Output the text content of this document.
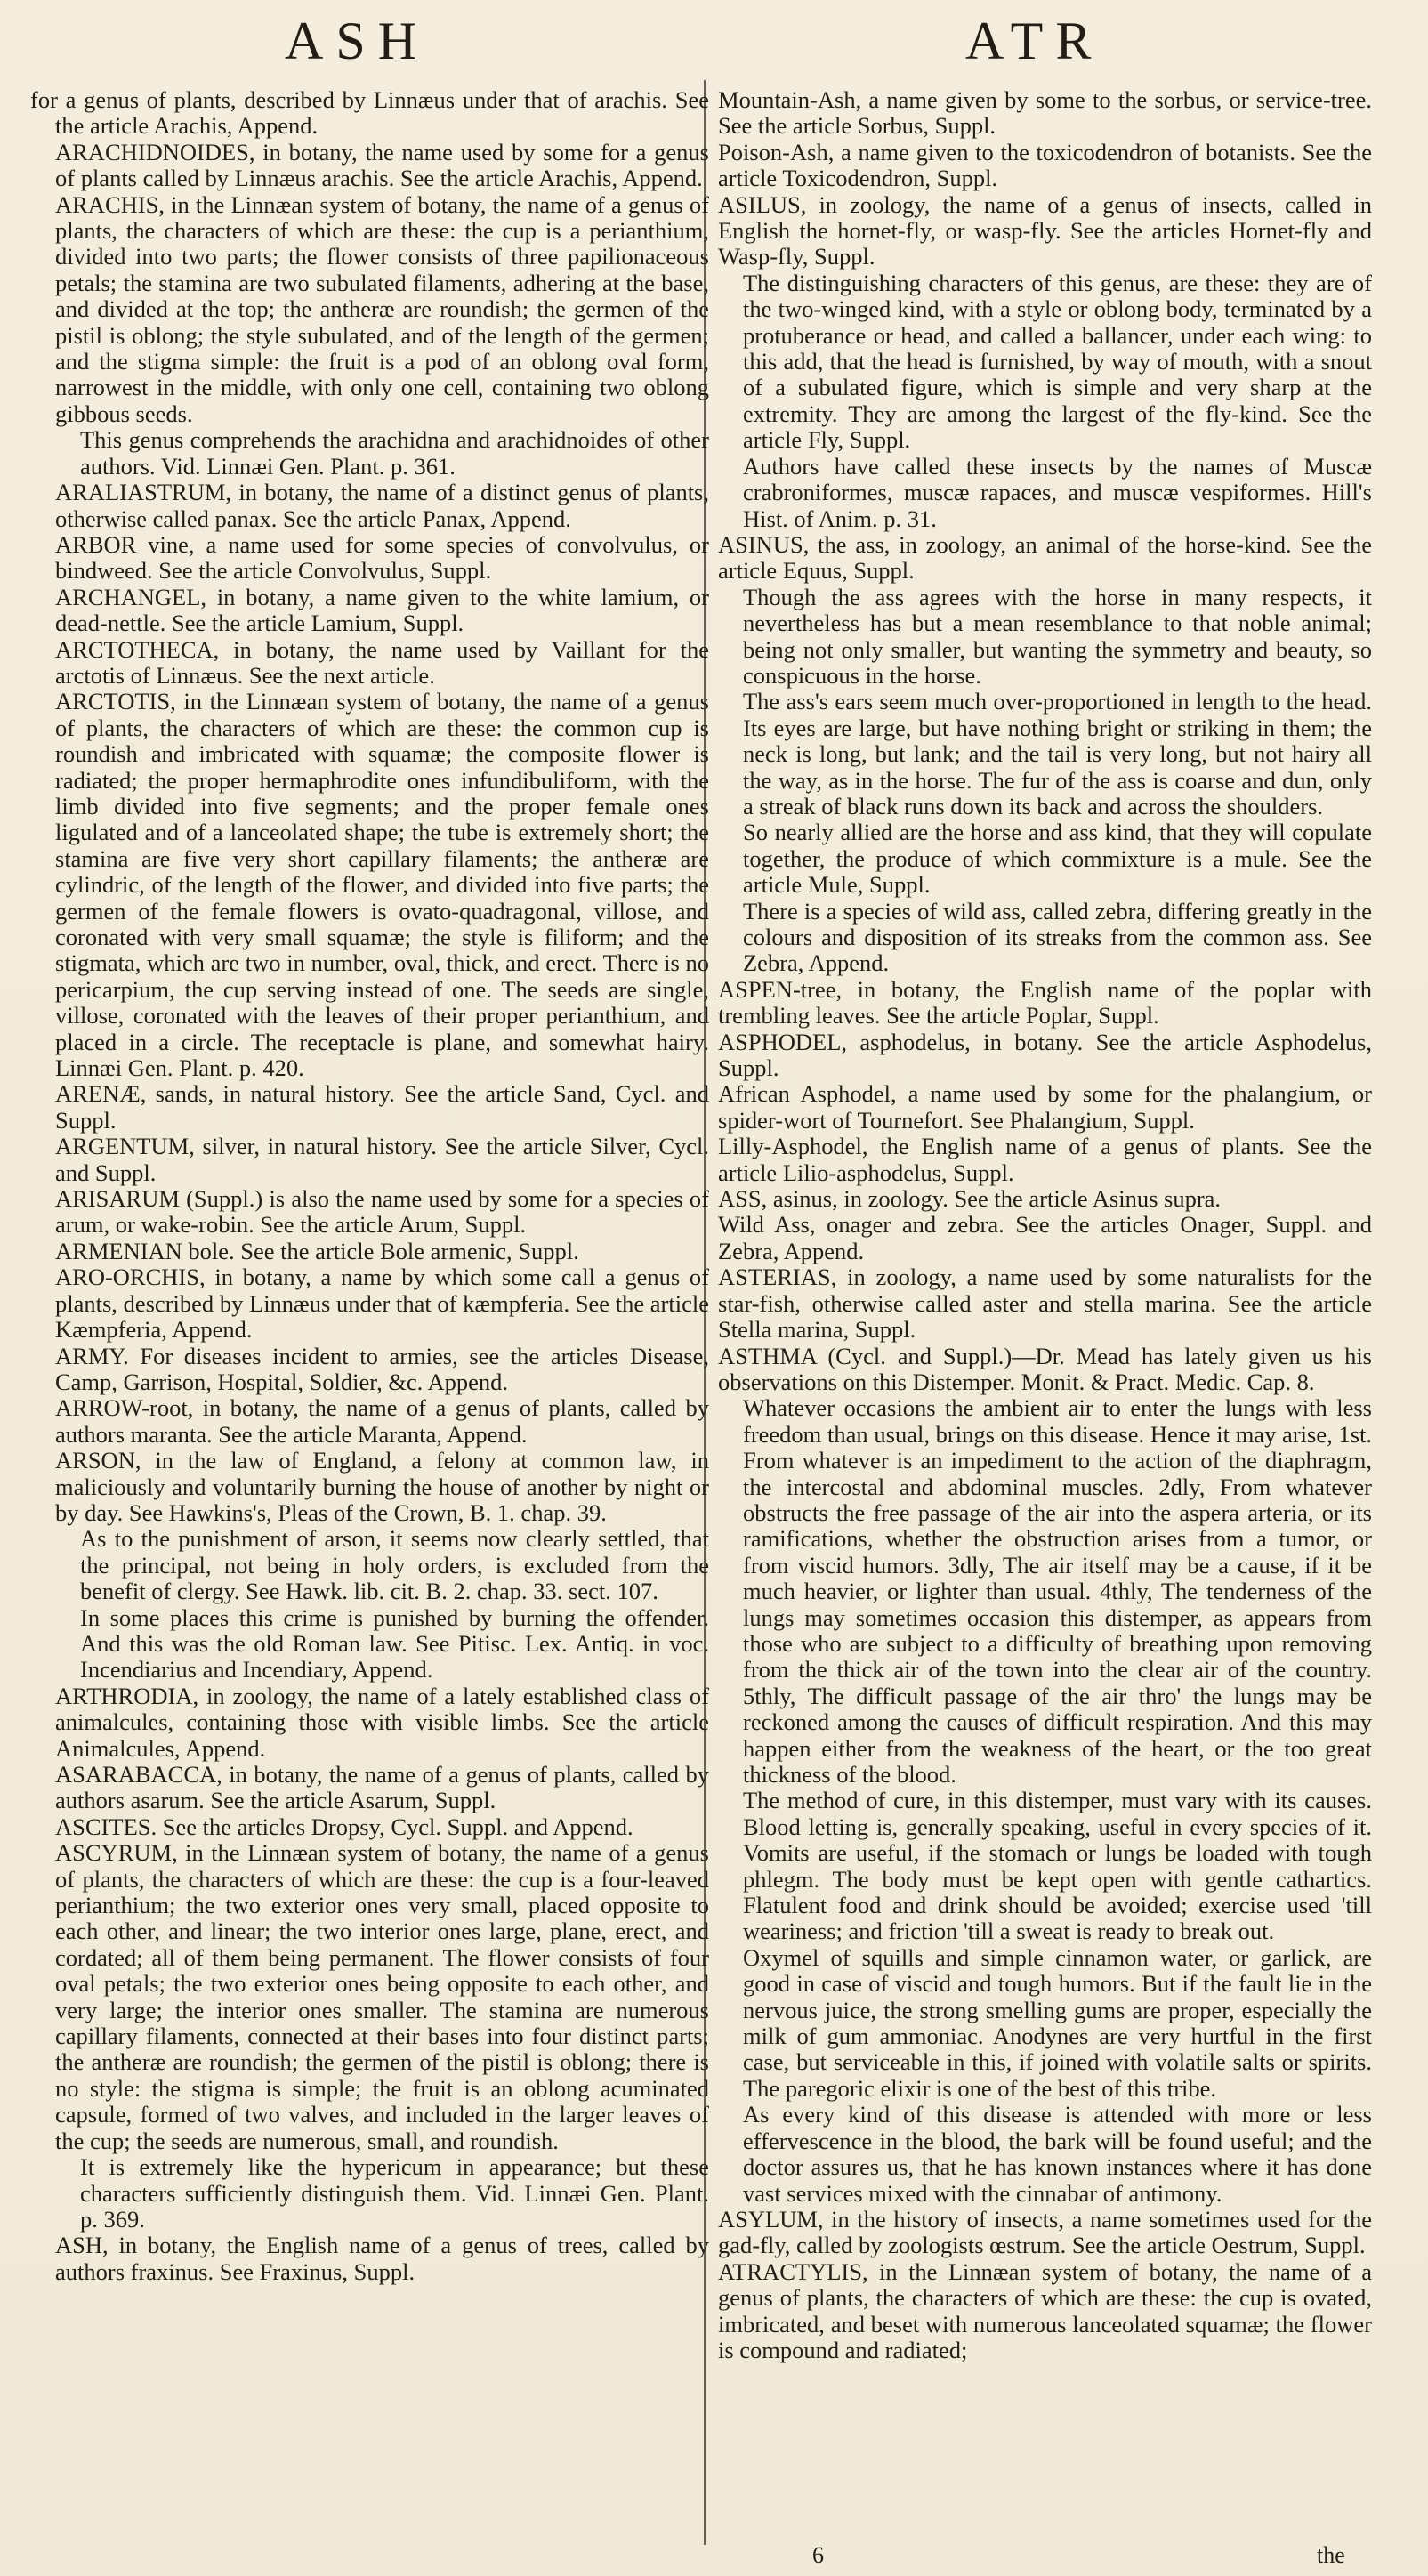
ASH	ATR

for a genus of plants, described by Linnæus under that of arachis. See the article Arachis, Append.

ARACHIDNOIDES, in botany, the name used by some for a genus of plants called by Linnæus arachis. See the article Arachis, Append.

ARACHIS, in the Linnæan system of botany, the name of a genus of plants, the characters of which are these: the cup is a perianthium, divided into two parts; the flower consists of three papilionaceous petals; the stamina are two subulated filaments, adhering at the base, and divided at the top; the antheræ are roundish; the germen of the pistil is oblong; the style subulated, and of the length of the germen; and the stigma simple: the fruit is a pod of an oblong oval form, narrowest in the middle, with only one cell, containing two oblong gibbous seeds.

This genus comprehends the arachidna and arachidnoides of other authors. Vid. Linnæi Gen. Plant. p. 361.

ARALIASTRUM, in botany, the name of a distinct genus of plants, otherwise called panax. See the article Panax, Append.

ARBOR vine, a name used for some species of convolvulus, or bindweed. See the article Convolvulus, Suppl.

ARCHANGEL, in botany, a name given to the white lamium, or dead-nettle. See the article Lamium, Suppl.

ARCTOTHECA, in botany, the name used by Vaillant for the arctotis of Linnæus. See the next article.

ARCTOTIS, in the Linnæan system of botany, the name of a genus of plants, the characters of which are these: the common cup is roundish and imbricated with squamæ; the composite flower is radiated; the proper hermaphrodite ones infundibuliform, with the limb divided into five segments; and the proper female ones ligulated and of a lanceolated shape; the tube is extremely short; the stamina are five very short capillary filaments; the antheræ are cylindric, of the length of the flower, and divided into five parts; the germen of the female flowers is ovato-quadragonal, villose, and coronated with very small squamæ; the style is filiform; and the stigmata, which are two in number, oval, thick, and erect. There is no pericarpium, the cup serving instead of one. The seeds are single, villose, coronated with the leaves of their proper perianthium, and placed in a circle. The receptacle is plane, and somewhat hairy. Linnæi Gen. Plant. p. 420.

ARENÆ, sands, in natural history. See the article Sand, Cycl. and Suppl.

ARGENTUM, silver, in natural history. See the article Silver, Cycl. and Suppl.

ARISARUM (Suppl.) is also the name used by some for a species of arum, or wake-robin. See the article Arum, Suppl.

ARMENIAN bole. See the article Bole armenic, Suppl.

ARO-ORCHIS, in botany, a name by which some call a genus of plants, described by Linnæus under that of kæmpferia. See the article Kæmpferia, Append.

ARMY. For diseases incident to armies, see the articles Disease, Camp, Garrison, Hospital, Soldier, &c. Append.

ARROW-root, in botany, the name of a genus of plants, called by authors maranta. See the article Maranta, Append.

ARSON, in the law of England, a felony at common law, in maliciously and voluntarily burning the house of another by night or by day. See Hawkins's, Pleas of the Crown, B. 1. chap. 39.

As to the punishment of arson, it seems now clearly settled, that the principal, not being in holy orders, is excluded from the benefit of clergy. See Hawk. lib. cit. B. 2. chap. 33. sect. 107.

In some places this crime is punished by burning the offender. And this was the old Roman law. See Pitisc. Lex. Antiq. in voc. Incendiarius and Incendiary, Append.

ARTHRODIA, in zoology, the name of a lately established class of animalcules, containing those with visible limbs. See the article Animalcules, Append.

ASARABACCA, in botany, the name of a genus of plants, called by authors asarum. See the article Asarum, Suppl.

ASCITES. See the articles Dropsy, Cycl. Suppl. and Append.

ASCYRUM, in the Linnæan system of botany, the name of a genus of plants, the characters of which are these: the cup is a four-leaved perianthium; the two exterior ones very small, placed opposite to each other, and linear; the two interior ones large, plane, erect, and cordated; all of them being permanent. The flower consists of four oval petals; the two exterior ones being opposite to each other, and very large; the interior ones smaller. The stamina are numerous capillary filaments, connected at their bases into four distinct parts; the antheræ are roundish; the germen of the pistil is oblong; there is no style: the stigma is simple; the fruit is an oblong acuminated capsule, formed of two valves, and included in the larger leaves of the cup; the seeds are numerous, small, and roundish.

It is extremely like the hypericum in appearance; but these characters sufficiently distinguish them. Vid. Linnæi Gen. Plant. p. 369.

ASH, in botany, the English name of a genus of trees, called by authors fraxinus. See Fraxinus, Suppl.

Mountain-Ash, a name given by some to the sorbus, or service-tree. See the article Sorbus, Suppl.

Poison-Ash, a name given to the toxicodendron of botanists. See the article Toxicodendron, Suppl.

ASILUS, in zoology, the name of a genus of insects, called in English the hornet-fly, or wasp-fly. See the articles Hornet-fly and Wasp-fly, Suppl.

The distinguishing characters of this genus, are these: they are of the two-winged kind, with a style or oblong body, terminated by a protuberance or head, and called a ballancer, under each wing: to this add, that the head is furnished, by way of mouth, with a snout of a subulated figure, which is simple and very sharp at the extremity. They are among the largest of the fly-kind. See the article Fly, Suppl.

Authors have called these insects by the names of Muscæ crabroniformes, muscæ rapaces, and muscæ vespiformes. Hill's Hist. of Anim. p. 31.

ASINUS, the ass, in zoology, an animal of the horse-kind. See the article Equus, Suppl.

Though the ass agrees with the horse in many respects, it nevertheless has but a mean resemblance to that noble animal; being not only smaller, but wanting the symmetry and beauty, so conspicuous in the horse.

The ass's ears seem much over-proportioned in length to the head. Its eyes are large, but have nothing bright or striking in them; the neck is long, but lank; and the tail is very long, but not hairy all the way, as in the horse. The fur of the ass is coarse and dun, only a streak of black runs down its back and across the shoulders.

So nearly allied are the horse and ass kind, that they will copulate together, the produce of which commixture is a mule. See the article Mule, Suppl.

There is a species of wild ass, called zebra, differing greatly in the colours and disposition of its streaks from the common ass. See Zebra, Append.

ASPEN-tree, in botany, the English name of the poplar with trembling leaves. See the article Poplar, Suppl.

ASPHODEL, asphodelus, in botany. See the article Asphodelus, Suppl.

African Asphodel, a name used by some for the phalangium, or spider-wort of Tournefort. See Phalangium, Suppl.

Lilly-Asphodel, the English name of a genus of plants. See the article Lilio-asphodelus, Suppl.

ASS, asinus, in zoology. See the article Asinus supra.

Wild Ass, onager and zebra. See the articles Onager, Suppl. and Zebra, Append.

ASTERIAS, in zoology, a name used by some naturalists for the star-fish, otherwise called aster and stella marina. See the article Stella marina, Suppl.

ASTHMA (Cycl. and Suppl.)—Dr. Mead has lately given us his observations on this Distemper. Monit. & Pract. Medic. Cap. 8.

Whatever occasions the ambient air to enter the lungs with less freedom than usual, brings on this disease. Hence it may arise, 1st. From whatever is an impediment to the action of the diaphragm, the intercostal and abdominal muscles. 2dly, From whatever obstructs the free passage of the air into the aspera arteria, or its ramifications, whether the obstruction arises from a tumor, or from viscid humors. 3dly, The air itself may be a cause, if it be much heavier, or lighter than usual. 4thly, The tenderness of the lungs may sometimes occasion this distemper, as appears from those who are subject to a difficulty of breathing upon removing from the thick air of the town into the clear air of the country. 5thly, The difficult passage of the air thro' the lungs may be reckoned among the causes of difficult respiration. And this may happen either from the weakness of the heart, or the too great thickness of the blood.

The method of cure, in this distemper, must vary with its causes. Blood letting is, generally speaking, useful in every species of it. Vomits are useful, if the stomach or lungs be loaded with tough phlegm. The body must be kept open with gentle cathartics. Flatulent food and drink should be avoided; exercise used 'till weariness; and friction 'till a sweat is ready to break out.

Oxymel of squills and simple cinnamon water, or garlick, are good in case of viscid and tough humors. But if the fault lie in the nervous juice, the strong smelling gums are proper, especially the milk of gum ammoniac. Anodynes are very hurtful in the first case, but serviceable in this, if joined with volatile salts or spirits. The paregoric elixir is one of the best of this tribe.

As every kind of this disease is attended with more or less effervescence in the blood, the bark will be found useful; and the doctor assures us, that he has known instances where it has done vast services mixed with the cinnabar of antimony.

ASYLUM, in the history of insects, a name sometimes used for the gad-fly, called by zoologists œstrum. See the article Oestrum, Suppl.

ATRACTYLIS, in the Linnæan system of botany, the name of a genus of plants, the characters of which are these: the cup is ovated, imbricated, and beset with numerous lanceolated squamæ; the flower is compound and radiated;

6	the
